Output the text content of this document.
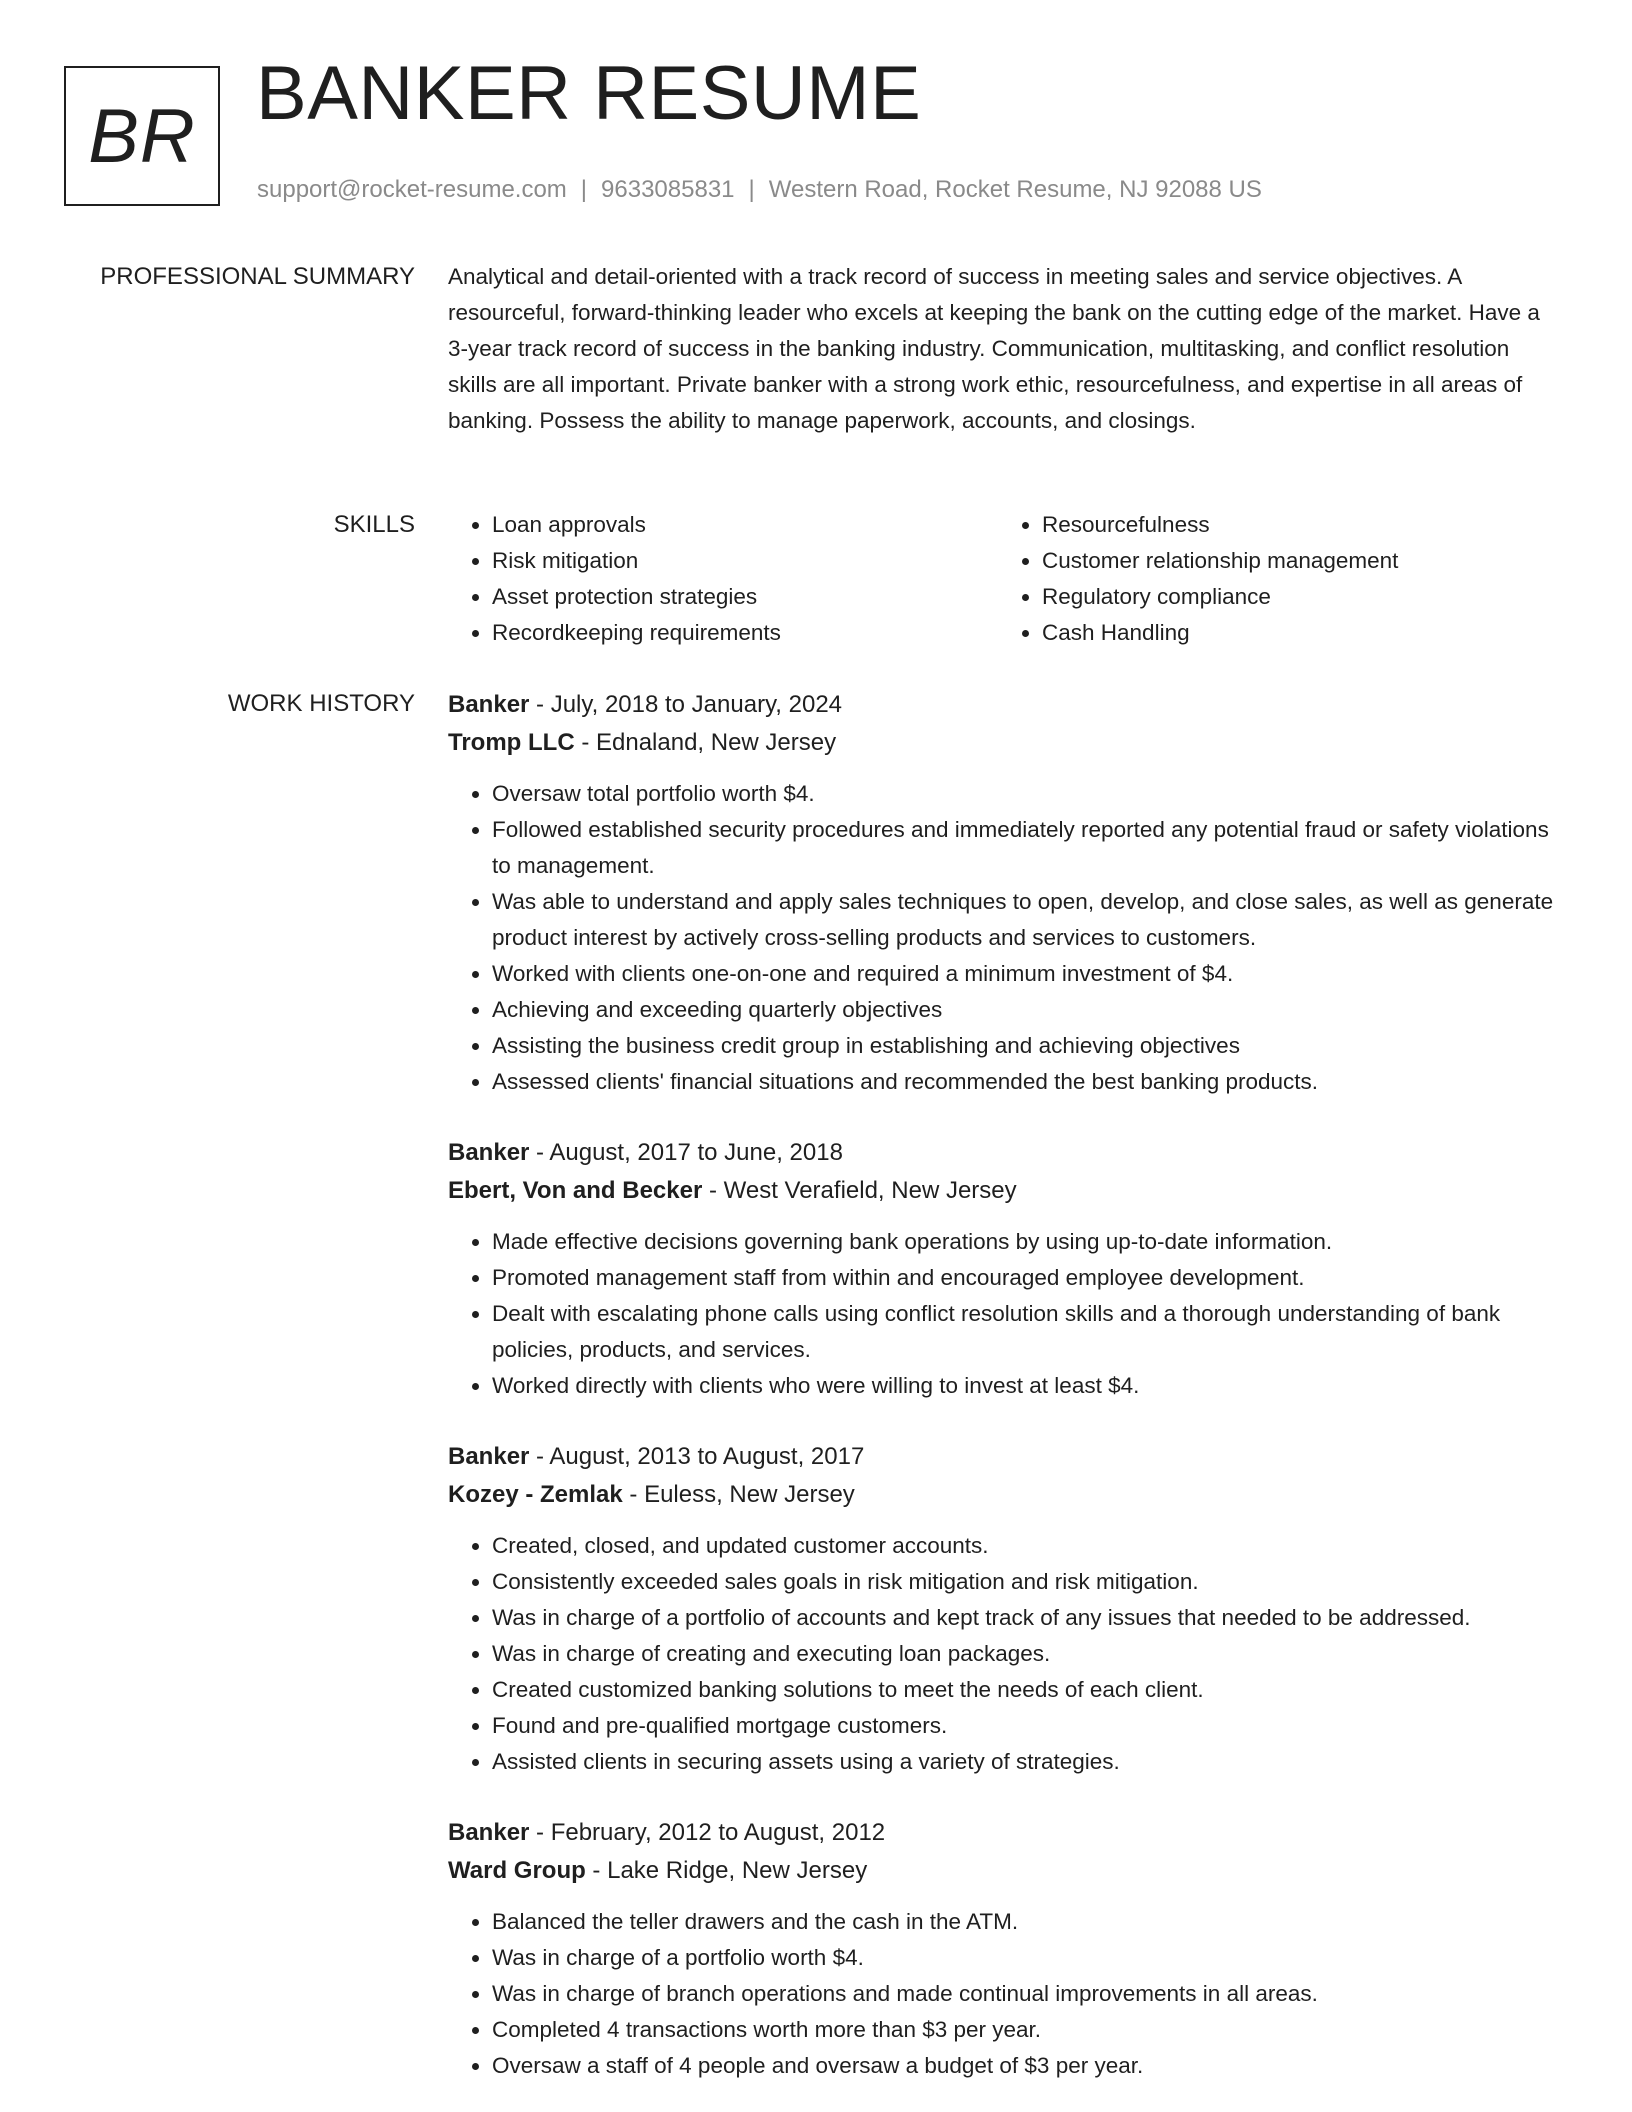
BR BANKER RESUME
support@rocket-resume.com | 9633085831 | Western Road, Rocket Resume, NJ 92088 US
PROFESSIONAL SUMMARY Analytical and detail-oriented with a track record of success in meeting sales and service objectives. A resourceful, forward-thinking leader who excels at keeping the bank on the cutting edge of the market. Have a 3-year track record of success in the banking industry. Communication, multitasking, and conflict resolution skills are all important. Private banker with a strong work ethic, resourcefulness, and expertise in all areas of banking. Possess the ability to manage paperwork, accounts, and closings.
SKILLS
•	Loan approvals
• Risk mitigation
• Asset protection strategies
• Recordkeeping requirements
• Resourcefulness
• Customer relationship management
• Regulatory compliance
• Cash Handling
WORK HISTORY Banker - July, 2018 to January, 2024
Tromp LLC - Ednaland, New Jersey
• Oversaw total portfolio worth $4.
• Followed established security procedures and immediately reported any potential fraud or safety violations to management.
• Was able to understand and apply sales techniques to open, develop, and close sales, as well as generate product interest by actively cross-selling products and services to customers.
• Worked with clients one-on-one and required a minimum investment of $4.
• Achieving and exceeding quarterly objectives
• Assisting the business credit group in establishing and achieving objectives
• Assessed clients' financial situations and recommended the best banking products.
Banker - August, 2017 to June, 2018
Ebert, Von and Becker - West Verafield, New Jersey
• Made effective decisions governing bank operations by using up-to-date information.
• Promoted management staff from within and encouraged employee development.
• Dealt with escalating phone calls using conflict resolution skills and a thorough understanding of bank policies, products, and services.
• Worked directly with clients who were willing to invest at least $4.
Banker - August, 2013 to August, 2017
Kozey - Zemlak - Euless, New Jersey
• Created, closed, and updated customer accounts.
• Consistently exceeded sales goals in risk mitigation and risk mitigation.
• Was in charge of a portfolio of accounts and kept track of any issues that needed to be addressed.
• Was in charge of creating and executing loan packages.
• Created customized banking solutions to meet the needs of each client.
• Found and pre-qualified mortgage customers.
• Assisted clients in securing assets using a variety of strategies.
Banker - February, 2012 to August, 2012
Ward Group - Lake Ridge, New Jersey
• Balanced the teller drawers and the cash in the ATM.
• Was in charge of a portfolio worth $4.
• Was in charge of branch operations and made continual improvements in all areas.
• Completed 4 transactions worth more than $3 per year.
• Oversaw a staff of 4 people and oversaw a budget of $3 per year.
